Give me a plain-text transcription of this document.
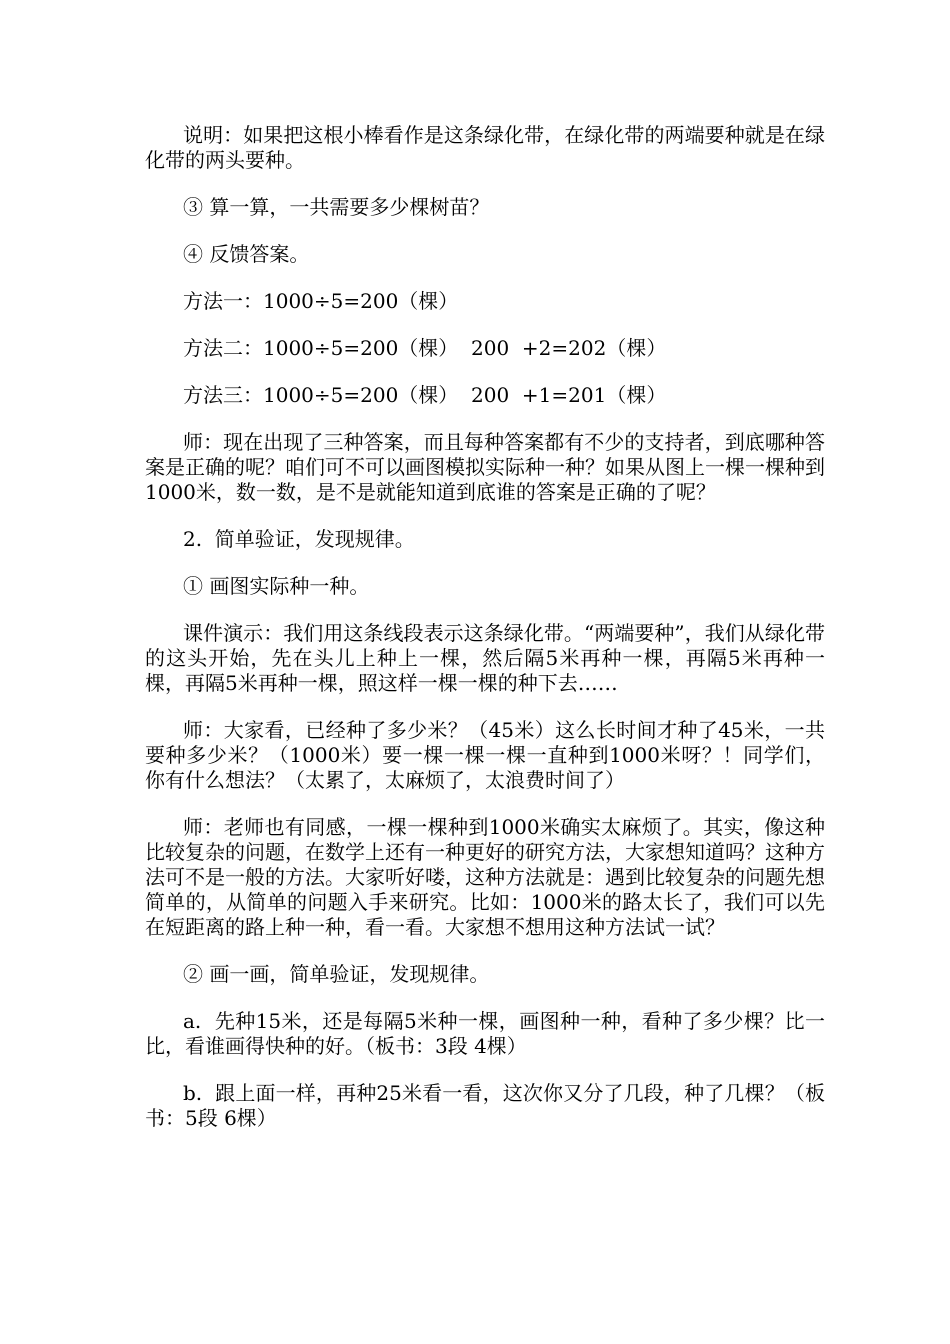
说明：如果把这根小棒看作是这条绿化带，在绿化带的两端要种就是在绿化带的两头要种。

③ 算一算，一共需要多少棵树苗？

④ 反馈答案。

方法一：1000÷5=200（棵）

方法二：1000÷5=200（棵）  200  +2=202（棵）

方法三：1000÷5=200（棵）  200  +1=201（棵）

师：现在出现了三种答案，而且每种答案都有不少的支持者，到底哪种答案是正确的呢？咱们可不可以画图模拟实际种一种？如果从图上一棵一棵种到1000米，数一数，是不是就能知道到底谁的答案是正确的了呢？

2.  简单验证，发现规律。

① 画图实际种一种。

课件演示：我们用这条线段表示这条绿化带。“两端要种”，我们从绿化带的这头开始，先在头儿上种上一棵，然后隔5米再种一棵，再隔5米再种一棵，再隔5米再种一棵，照这样一棵一棵的种下去……

师：大家看，已经种了多少米？（45米）这么长时间才种了45米，一共要种多少米？（1000米）要一棵一棵一棵一直种到1000米呀？！同学们，你有什么想法？（太累了，太麻烦了，太浪费时间了）

师：老师也有同感，一棵一棵种到1000米确实太麻烦了。其实，像这种比较复杂的问题，在数学上还有一种更好的研究方法，大家想知道吗？这种方法可不是一般的方法。大家听好喽，这种方法就是：遇到比较复杂的问题先想简单的，从简单的问题入手来研究。比如：1000米的路太长了，我们可以先在短距离的路上种一种，看一看。大家想不想用这种方法试一试？

② 画一画，简单验证，发现规律。

a.  先种15米，还是每隔5米种一棵，画图种一种，看种了多少棵？比一比，看谁画得快种的好。（板书：3段 4棵）

b.  跟上面一样，再种25米看一看，这次你又分了几段，种了几棵？（板书：5段 6棵）
